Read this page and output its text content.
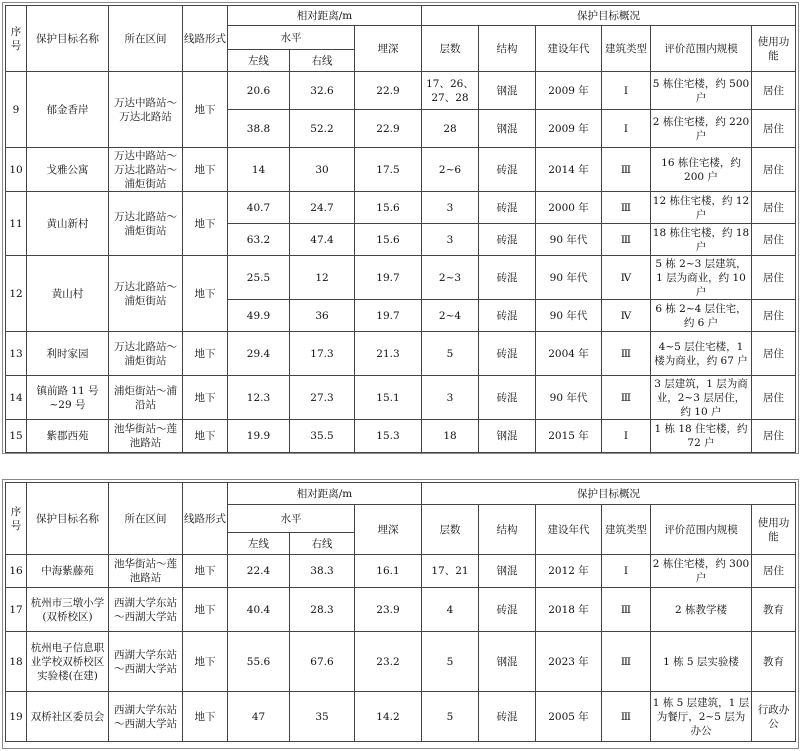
序号	保护目标名称	所在区间	线路形式	相对距离/m			保护目标概况					
				水平		埋深	层数	结构	建设年代	建筑类型	评价范围内规模	使用功能
				左线	右线							
9	郁金香岸	万达中路站～万达北路站	地下	20.6	32.6	22.9	17、26、27、28	钢混	2009 年	Ⅰ	5 栋住宅楼，约 500 户	居住
				38.8	52.2	22.9	28	钢混	2009 年	Ⅰ	2 栋住宅楼，约 220 户	居住
10	戈雅公寓	万达中路站～万达北路站～浦炬街站	地下	14	30	17.5	2~6	砖混	2014 年	Ⅲ	16 栋住宅楼，约 200 户	居住
11	黄山新村	万达北路站～浦炬街站	地下	40.7	24.7	15.6	3	砖混	2000 年	Ⅲ	12 栋住宅楼，约 12 户	居住
				63.2	47.4	15.6	3	砖混	90 年代	Ⅲ	18 栋住宅楼，约 18 户	居住
12	黄山村	万达北路站～浦炬街站	地下	25.5	12	19.7	2~3	砖混	90 年代	Ⅳ	5 栋 2~3 层建筑，1 层为商业，约 10 户	居住
				49.9	36	19.7	2~4	砖混	90 年代	Ⅳ	6 栋 2~4 层住宅，约 6 户	居住
13	利时家园	万达北路站～浦炬街站	地下	29.4	17.3	21.3	5	砖混	2004 年	Ⅲ	4~5 层住宅楼，1 楼为商业，约 67 户	居住
14	镇前路 11 号~29 号	浦炬街站～浦沿站	地下	12.3	27.3	15.1	3	砖混	90 年代	Ⅲ	3 层建筑，1 层为商业，2~3 层居住，约 10 户	居住
15	紫郡西苑	池华街站～莲池路站	地下	19.9	35.5	15.3	18	钢混	2015 年	Ⅰ	1 栋 18 住宅楼，约 72 户	居住
序号	保护目标名称	所在区间	线路形式	相对距离/m			保护目标概况					
				水平		埋深	层数	结构	建设年代	建筑类型	评价范围内规模	使用功能
				左线	右线							
16	中海紫藤苑	池华街站～莲池路站	地下	22.4	38.3	16.1	17、21	钢混	2012 年	Ⅰ	2 栋住宅楼，约 300 户	居住
17	杭州市三墩小学(双桥校区)	西湖大学东站～西湖大学站	地下	40.4	28.3	23.9	4	砖混	2018 年	Ⅲ	2 栋教学楼	教育
18	杭州电子信息职业学校双桥校区实验楼(在建)	西湖大学东站～西湖大学站	地下	55.6	67.6	23.2	5	钢混	2023 年	Ⅲ	1 栋 5 层实验楼	教育
19	双桥社区委员会	西湖大学东站～西湖大学站	地下	47	35	14.2	5	砖混	2005 年	Ⅲ	1 栋 5 层建筑，1 层为餐厅，2~5 层为办公	行政办公
